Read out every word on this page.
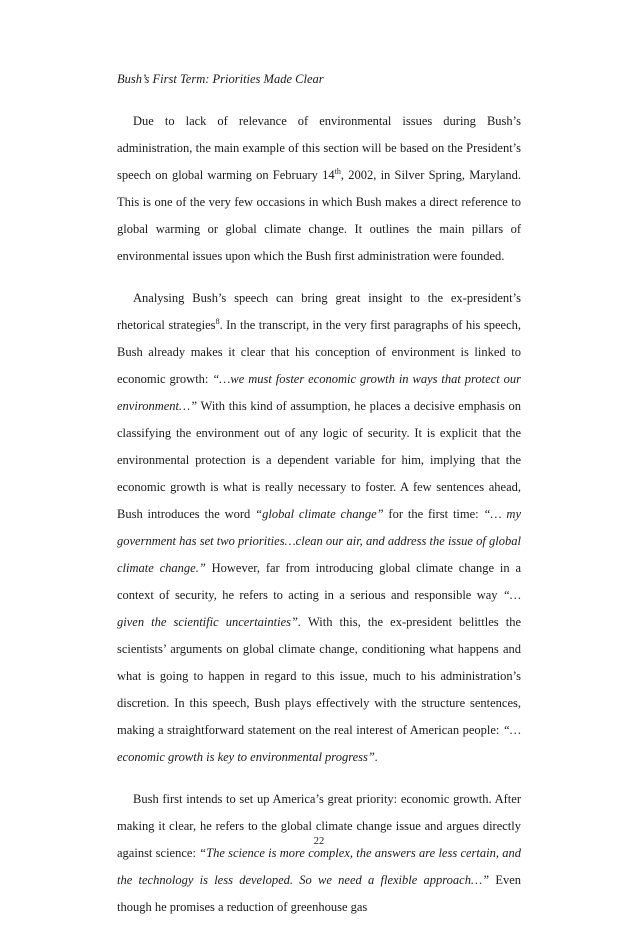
Bush’s First Term: Priorities Made Clear

Due to lack of relevance of environmental issues during Bush’s administration, the main example of this section will be based on the President’s speech on global warming on February 14th, 2002, in Silver Spring, Maryland. This is one of the very few occasions in which Bush makes a direct reference to global warming or global climate change. It outlines the main pillars of environmental issues upon which the Bush first administration were founded.

Analysing Bush’s speech can bring great insight to the ex-president’s rhetorical strategies$^8$. In the transcript, in the very first paragraphs of his speech, Bush already makes it clear that his conception of environment is linked to economic growth: “…we must foster economic growth in ways that protect our environment…” With this kind of assumption, he places a decisive emphasis on classifying the environment out of any logic of security. It is explicit that the environmental protection is a dependent variable for him, implying that the economic growth is what is really necessary to foster. A few sentences ahead, Bush introduces the word “global climate change” for the first time: “… my government has set two priorities…clean our air, and address the issue of global climate change.” However, far from introducing global climate change in a context of security, he refers to acting in a serious and responsible way “… given the scientific uncertainties”. With this, the ex-president belittles the scientists’ arguments on global climate change, conditioning what happens and what is going to happen in regard to this issue, much to his administration’s discretion. In this speech, Bush plays effectively with the structure sentences, making a straightforward statement on the real interest of American people: “…economic growth is key to environmental progress”.

Bush first intends to set up America’s great priority: economic growth. After making it clear, he refers to the global climate change issue and argues directly against science: “The science is more complex, the answers are less certain, and the technology is less developed. So we need a flexible approach…” Even though he promises a reduction of greenhouse gas

22
